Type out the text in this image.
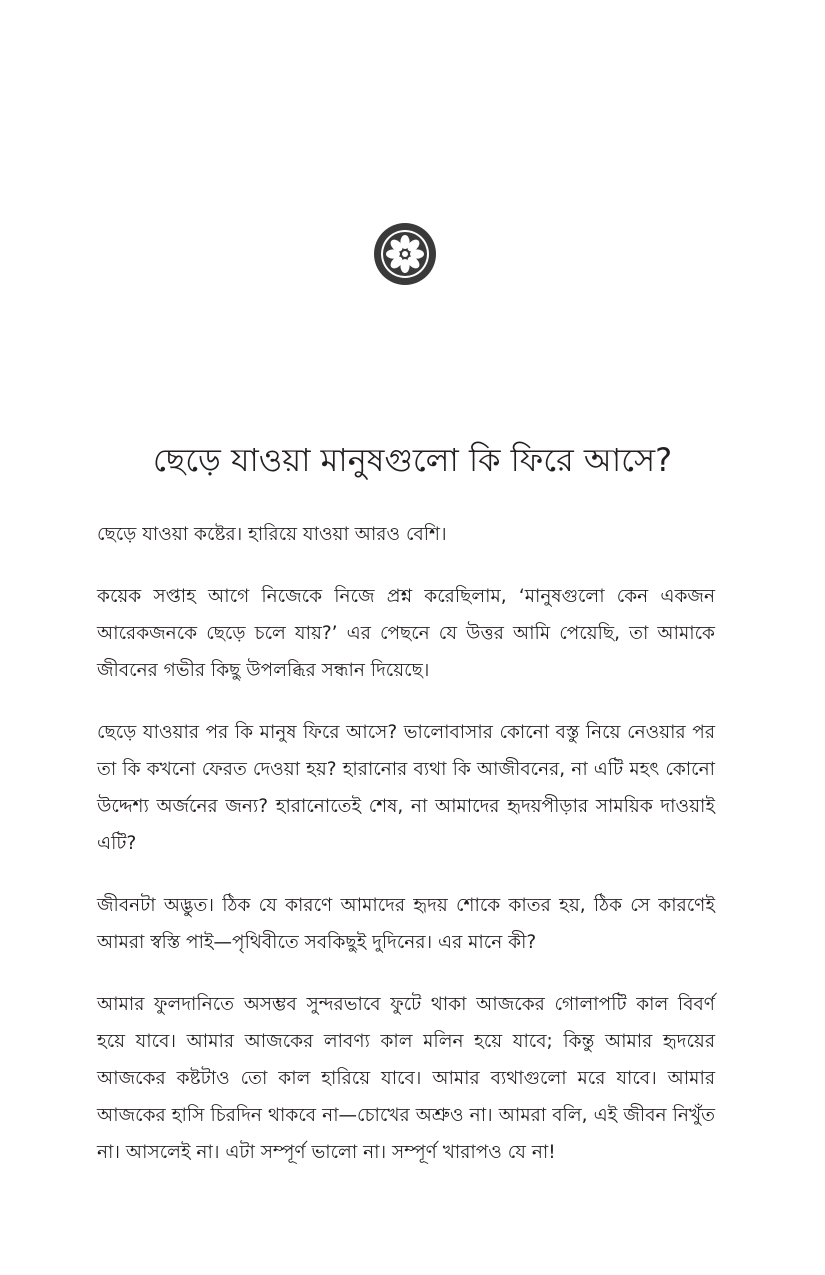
ছেড়ে যাওয়া মানুষগুলো কি ফিরে আসে?

ছেড়ে যাওয়া কষ্টের। হারিয়ে যাওয়া আরও বেশি।

কয়েক সপ্তাহ আগে নিজেকে নিজে প্রশ্ন করেছিলাম, ‘মানুষগুলো কেন একজন আরেকজনকে ছেড়ে চলে যায়?’ এর পেছনে যে উত্তর আমি পেয়েছি, তা আমাকে জীবনের গভীর কিছু উপলব্ধির সন্ধান দিয়েছে।

ছেড়ে যাওয়ার পর কি মানুষ ফিরে আসে? ভালোবাসার কোনো বস্তু নিয়ে নেওয়ার পর তা কি কখনো ফেরত দেওয়া হয়? হারানোর ব্যথা কি আজীবনের, না এটি মহৎ কোনো উদ্দেশ্য অর্জনের জন্য? হারানোতেই শেষ, না আমাদের হৃদয়পীড়ার সাময়িক দাওয়াই এটি?

জীবনটা অদ্ভুত। ঠিক যে কারণে আমাদের হৃদয় শোকে কাতর হয়, ঠিক সে কারণেই আমরা স্বস্তি পাই—পৃথিবীতে সবকিছুই দুদিনের। এর মানে কী?

আমার ফুলদানিতে অসম্ভব সুন্দরভাবে ফুটে থাকা আজকের গোলাপটি কাল বিবর্ণ হয়ে যাবে। আমার আজকের লাবণ্য কাল মলিন হয়ে যাবে; কিন্তু আমার হৃদয়ের আজকের কষ্টটাও তো কাল হারিয়ে যাবে। আমার ব্যথাগুলো মরে যাবে। আমার আজকের হাসি চিরদিন থাকবে না—চোখের অশ্রুও না। আমরা বলি, এই জীবন নিখুঁত না। আসলেই না। এটা সম্পূর্ণ ভালো না। সম্পূর্ণ খারাপও যে না!
